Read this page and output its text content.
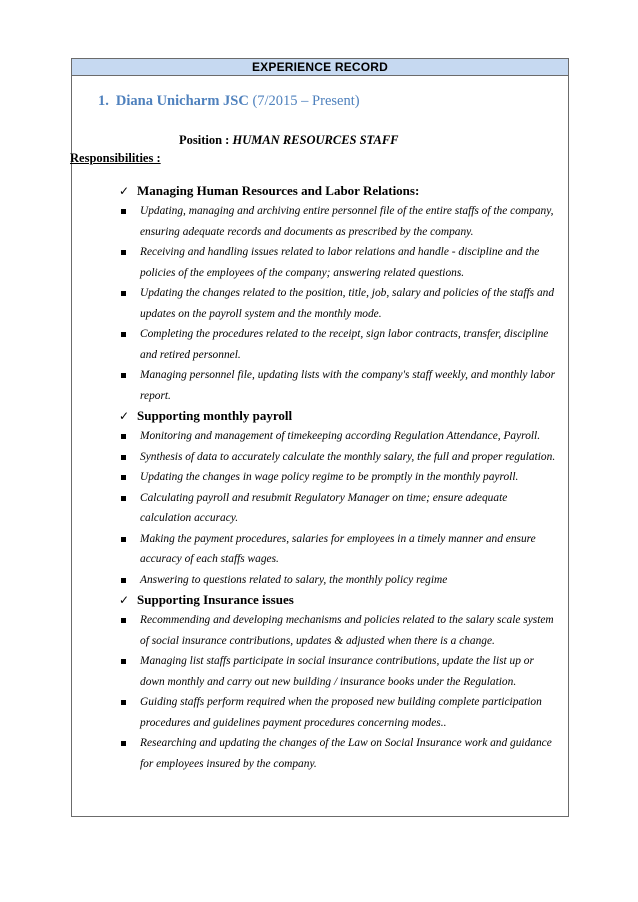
EXPERIENCE RECORD
1. Diana Unicharm JSC (7/2015 – Present)
Position : HUMAN RESOURCES STAFF
Responsibilities :
✓ Managing Human Resources and Labor Relations:
Updating, managing and archiving entire personnel file of the entire staffs of the company, ensuring adequate records and documents as prescribed by the company.
Receiving and handling issues related to labor relations and handle - discipline and the policies of the employees of the company; answering related questions.
Updating the changes related to the position, title, job, salary and policies of the staffs and updates on the payroll system and the monthly mode.
Completing the procedures related to the receipt, sign labor contracts, transfer, discipline and retired personnel.
Managing personnel file, updating lists with the company's staff weekly, and monthly labor report.
✓ Supporting monthly payroll
Monitoring and management of timekeeping according Regulation Attendance, Payroll.
Synthesis of data to accurately calculate the monthly salary, the full and proper regulation.
Updating the changes in wage policy regime to be promptly in the monthly payroll.
Calculating payroll and resubmit Regulatory Manager on time; ensure adequate calculation accuracy.
Making the payment procedures, salaries for employees in a timely manner and ensure accuracy of each staffs wages.
Answering to questions related to salary, the monthly policy regime
✓ Supporting Insurance issues
Recommending and developing mechanisms and policies related to the salary scale system of social insurance contributions, updates & adjusted when there is a change.
Managing list staffs participate in social insurance contributions, update the list up or down monthly and carry out new building / insurance books under the Regulation.
Guiding staffs perform required when the proposed new building complete participation procedures and guidelines payment procedures concerning modes..
Researching and updating the changes of the Law on Social Insurance work and guidance for employees insured by the company.
